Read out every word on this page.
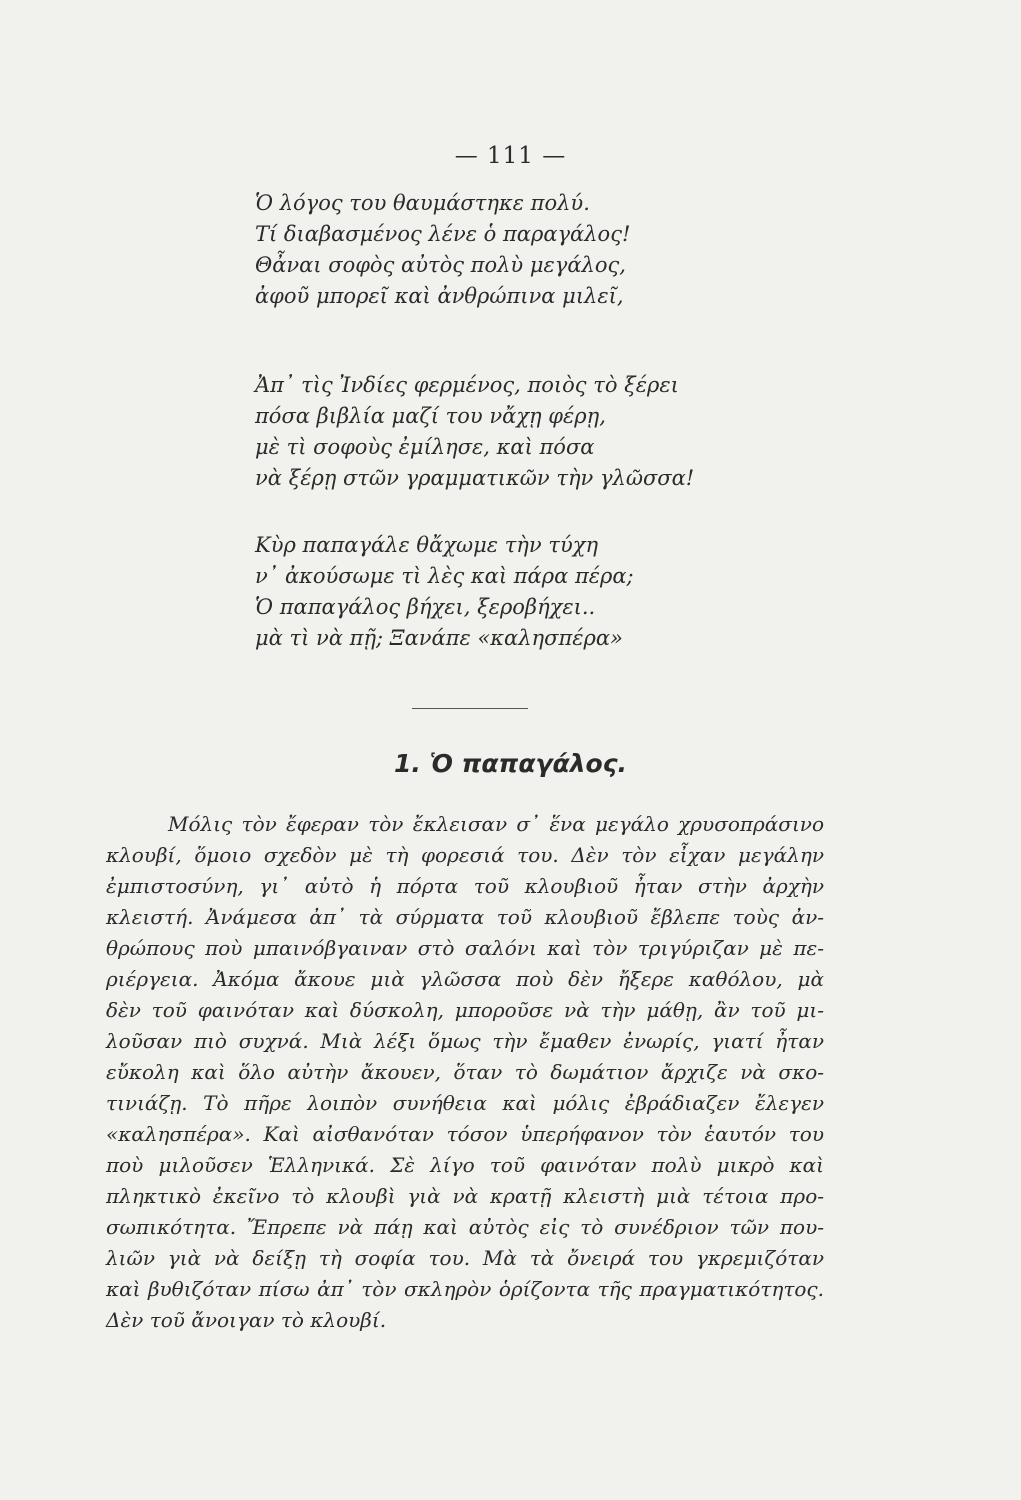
— 111 —
Ὁ λόγος του θαυμάστηκε πολύ.
Τί διαβασμένος λένε ὁ παραγάλος!
Θἆναι σοφὸς αὐτὸς πολὺ μεγάλος,
ἀφοῦ μπορεῖ καὶ ἀνθρώπινα μιλεῖ,
Ἀπ᾿ τὶς Ἰνδίες φερμένος, ποιὸς τὸ ξέρει
πόσα βιβλία μαζί του νἄχῃ φέρῃ,
μὲ τὶ σοφοὺς ἐμίλησε, καὶ πόσα
νὰ ξέρῃ στῶν γραμματικῶν τὴν γλῶσσα!
Κὺρ παπαγάλε θἄχωμε τὴν τύχη
ν᾿ ἀκούσωμε τὶ λὲς καὶ πάρα πέρα;
Ὁ παπαγάλος βήχει, ξεροβήχει..
μὰ τὶ νὰ πῇ; Ξανάπε «καλησπέρα»
1. Ὁ παπαγάλος.
Μόλις τὸν ἔφεραν τὸν ἔκλεισαν σ᾿ ἕνα μεγάλο χρυσοπράσινο
κλουβί, ὅμοιο σχεδὸν μὲ τὴ φορεσιά του. Δὲν τὸν εἶχαν μεγάλην
ἐμπιστοσύνη, γι᾿ αὐτὸ ἡ πόρτα τοῦ κλουβιοῦ ἦταν στὴν ἀρχὴν
κλειστή. Ἀνάμεσα ἀπ᾿ τὰ σύρματα τοῦ κλουβιοῦ ἔβλεπε τοὺς ἀν-
θρώπους ποὺ μπαινόβγαιναν στὸ σαλόνι καὶ τὸν τριγύριζαν μὲ πε-
ριέργεια. Ἀκόμα ἄκουε μιὰ γλῶσσα ποὺ δὲν ἤξερε καθόλου, μὰ
δὲν τοῦ φαινόταν καὶ δύσκολη, μποροῦσε νὰ τὴν μάθῃ, ἂν τοῦ μι-
λοῦσαν πιὸ συχνά. Μιὰ λέξι ὅμως τὴν ἔμαθεν ἐνωρίς, γιατί ἦταν
εὔκολη καὶ ὅλο αὐτὴν ἄκουεν, ὅταν τὸ δωμάτιον ἄρχιζε νὰ σκο-
τινιάζῃ. Τὸ πῆρε λοιπὸν συνήθεια καὶ μόλις ἐβράδιαζεν ἔλεγεν
«καλησπέρα». Καὶ αἰσθανόταν τόσον ὑπερήφανον τὸν ἑαυτόν του
ποὺ μιλοῦσεν Ἑλληνικά. Σὲ λίγο τοῦ φαινόταν πολὺ μικρὸ καὶ
πληκτικὸ ἐκεῖνο τὸ κλουβὶ γιὰ νὰ κρατῇ κλειστὴ μιὰ τέτοια προ-
σωπικότητα. Ἔπρεπε νὰ πάῃ καὶ αὐτὸς εἰς τὸ συνέδριον τῶν που-
λιῶν γιὰ νὰ δείξῃ τὴ σοφία του. Μὰ τὰ ὄνειρά του γκρεμιζόταν
καὶ βυθιζόταν πίσω ἀπ᾿ τὸν σκληρὸν ὁρίζοντα τῆς πραγματικότητος.
Δὲν τοῦ ἄνοιγαν τὸ κλουβί.
